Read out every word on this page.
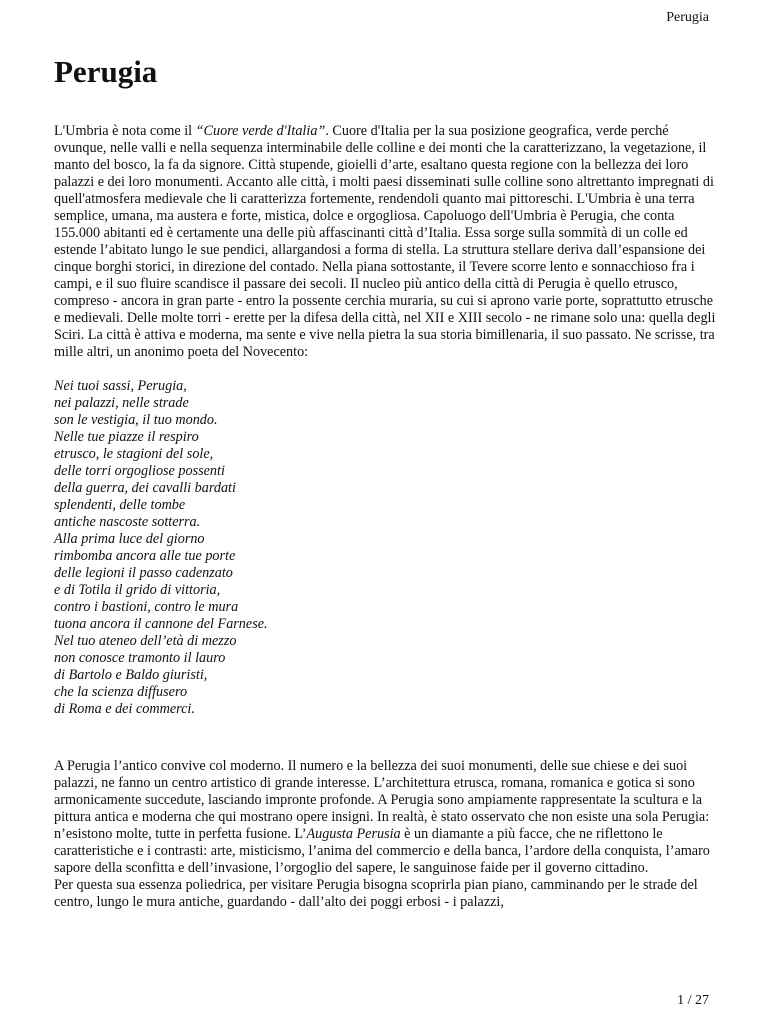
Perugia
Perugia

L'Umbria è nota come il “Cuore verde d'Italia”. Cuore d'Italia per la sua posizione geografica, verde perché ovunque, nelle valli e nella sequenza interminabile delle colline e dei monti che la caratterizzano, la vegetazione, il manto del bosco, la fa da signore. Città stupende, gioielli d’arte, esaltano questa regione con la bellezza dei loro palazzi e dei loro monumenti. Accanto alle città, i molti paesi disseminati sulle colline sono altrettanto impregnati di quell'atmosfera medievale che li caratterizza fortemente, rendendoli quanto mai pittoreschi. L'Umbria è una terra semplice, umana, ma austera e forte, mistica, dolce e orgogliosa. Capoluogo dell'Umbria è Perugia, che conta 155.000 abitanti ed è certamente una delle più affascinanti città d’Italia. Essa sorge sulla sommità di un colle ed estende l’abitato lungo le sue pendici, allargandosi a forma di stella. La struttura stellare deriva dall’espansione dei cinque borghi storici, in direzione del contado. Nella piana sottostante, il Tevere scorre lento e sonnacchioso fra i campi, e il suo fluire scandisce il passare dei secoli. Il nucleo più antico della città di Perugia è quello etrusco, compreso - ancora in gran parte - entro la possente cerchia muraria, su cui si aprono varie porte, soprattutto etrusche e medievali. Delle molte torri - erette per la difesa della città, nel XII e XIII secolo - ne rimane solo una: quella degli Sciri. La città è attiva e moderna, ma sente e vive nella pietra la sua storia bimillenaria, il suo passato. Ne scrisse, tra mille altri, un anonimo poeta del Novecento:

Nei tuoi sassi, Perugia,
nei palazzi, nelle strade
son le vestigia, il tuo mondo.
Nelle tue piazze il respiro
etrusco, le stagioni del sole,
delle torri orgogliose possenti
della guerra, dei cavalli bardati
splendenti, delle tombe
antiche nascoste sotterra.
Alla prima luce del giorno
rimbomba ancora alle tue porte
delle legioni il passo cadenzato
e di Totila il grido di vittoria,
contro i bastioni, contro le mura
tuona ancora il cannone del Farnese.
Nel tuo ateneo dell’età di mezzo
non conosce tramonto il lauro
di Bartolo e Baldo giuristi,
che la scienza diffusero
di Roma e dei commerci.

A Perugia l’antico convive col moderno. Il numero e la bellezza dei suoi monumenti, delle sue chiese e dei suoi palazzi, ne fanno un centro artistico di grande interesse. L’architettura etrusca, romana, romanica e gotica si sono armonicamente succedute, lasciando impronte profonde. A Perugia sono ampiamente rappresentate la scultura e la pittura antica e moderna che qui mostrano opere insigni. In realtà, è stato osservato che non esiste una sola Perugia: n’esistono molte, tutte in perfetta fusione. L’Augusta Perusia è un diamante a più facce, che ne riflettono le caratteristiche e i contrasti: arte, misticismo, l’anima del commercio e della banca, l’ardore della conquista, l’amaro sapore della sconfitta e dell’invasione, l’orgoglio del sapere, le sanguinose faide per il governo cittadino.

Per questa sua essenza poliedrica, per visitare Perugia bisogna scoprirla pian piano, camminando per le strade del centro, lungo le mura antiche, guardando - dall’alto dei poggi erbosi - i palazzi,

1 / 27
